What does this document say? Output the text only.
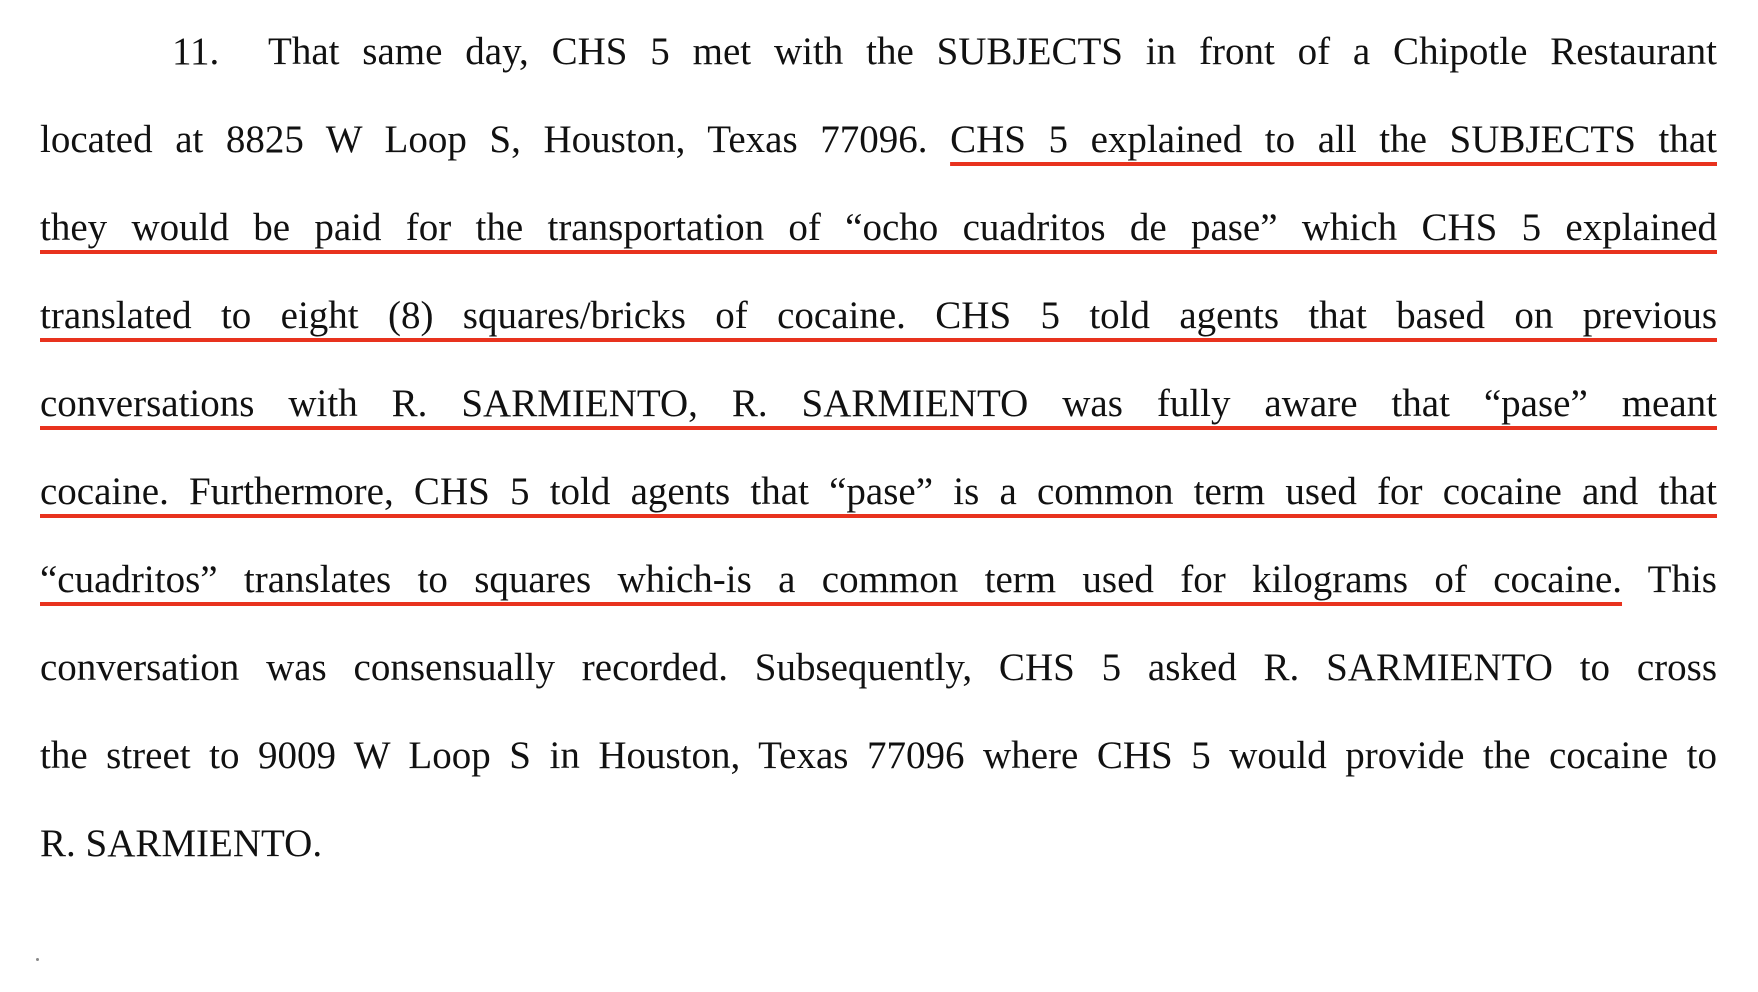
11.	That same day, CHS 5 met with the SUBJECTS in front of a Chipotle Restaurant
located at 8825 W Loop S, Houston, Texas 77096. CHS 5 explained to all the SUBJECTS that
they would be paid for the transportation of “ocho cuadritos de pase” which CHS 5 explained
translated to eight (8) squares/bricks of cocaine. CHS 5 told agents that based on previous
conversations with R. SARMIENTO, R. SARMIENTO was fully aware that “pase” meant
cocaine. Furthermore, CHS 5 told agents that “pase” is a common term used for cocaine and that
“cuadritos” translates to squares which-is a common term used for kilograms of cocaine. This
conversation was consensually recorded. Subsequently, CHS 5 asked R. SARMIENTO to cross
the street to 9009 W Loop S in Houston, Texas 77096 where CHS 5 would provide the cocaine to
R. SARMIENTO.
